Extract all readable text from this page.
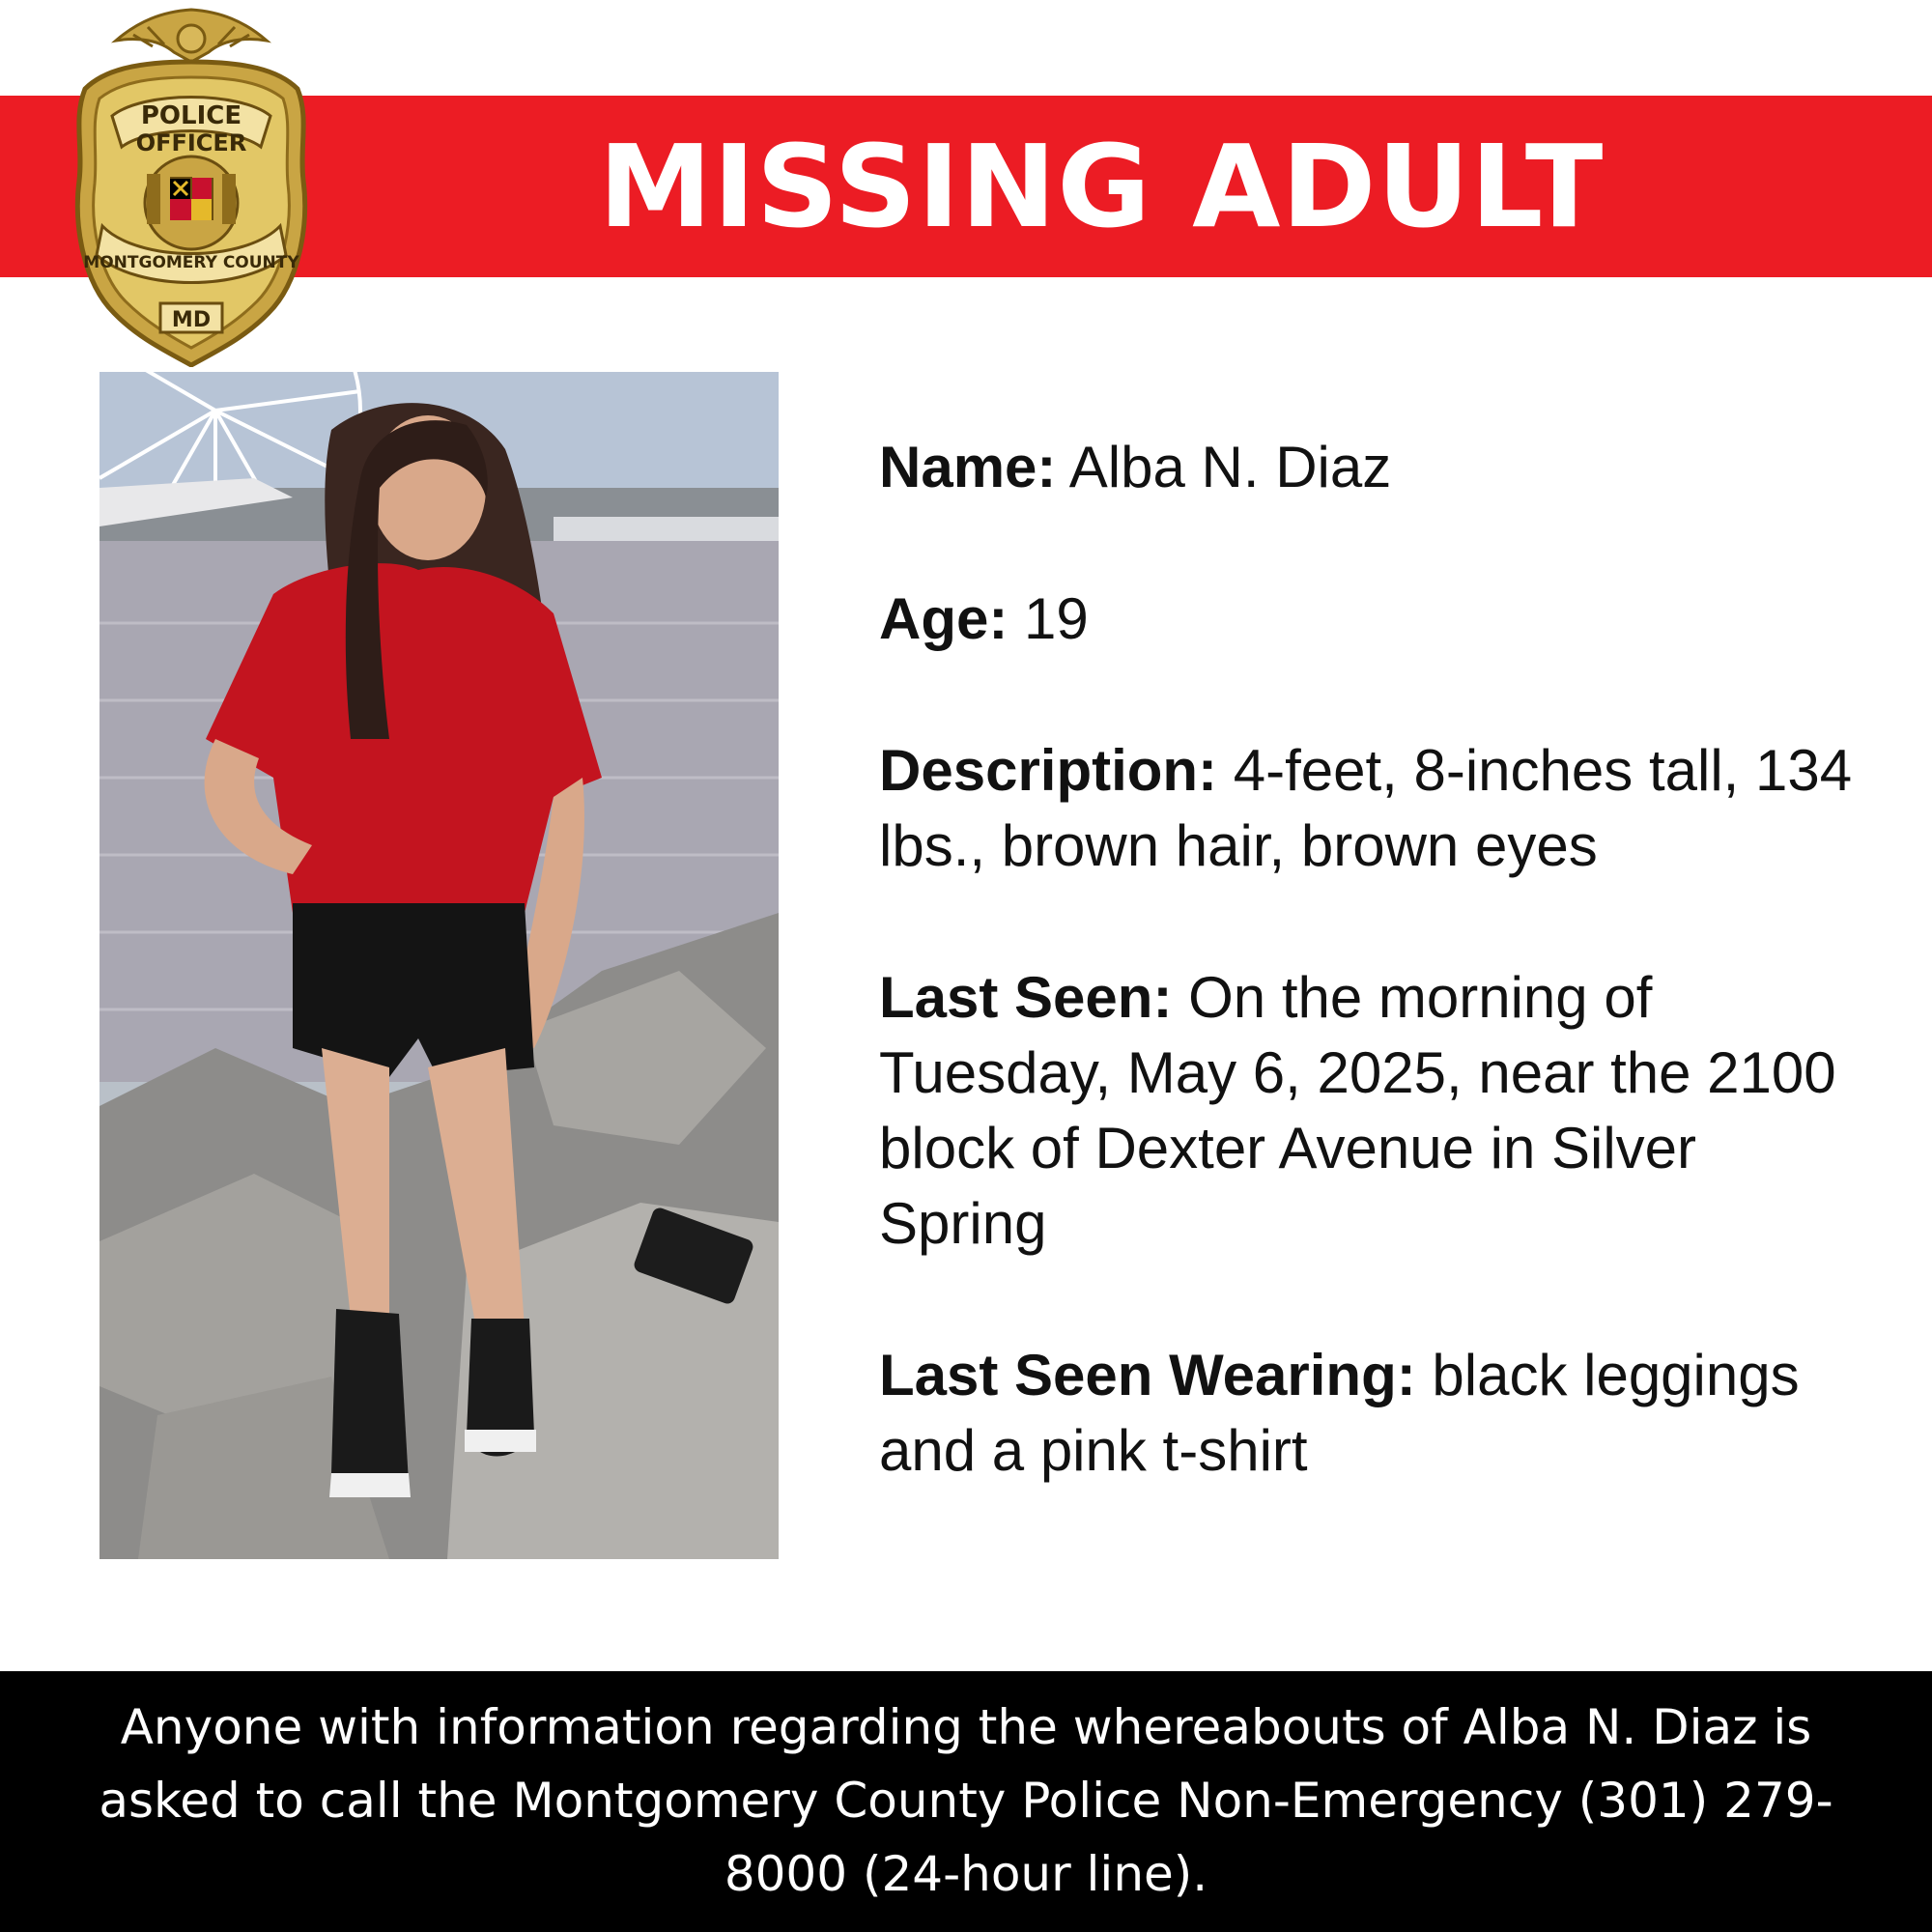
MISSING ADULT
POLICE
OFFICER
MONTGOMERY COUNTY
MD
Name: Alba N. Diaz
Age: 19
Description: 4-feet, 8-inches tall, 134 lbs., brown hair, brown eyes
Last Seen: On the morning of Tuesday, May 6, 2025, near the 2100 block of Dexter Avenue in Silver Spring
Last Seen Wearing: black leggings and a pink t-shirt
Anyone with information regarding the whereabouts of Alba N. Diaz is asked to call the Montgomery County Police Non-Emergency (301) 279-8000 (24-hour line).
